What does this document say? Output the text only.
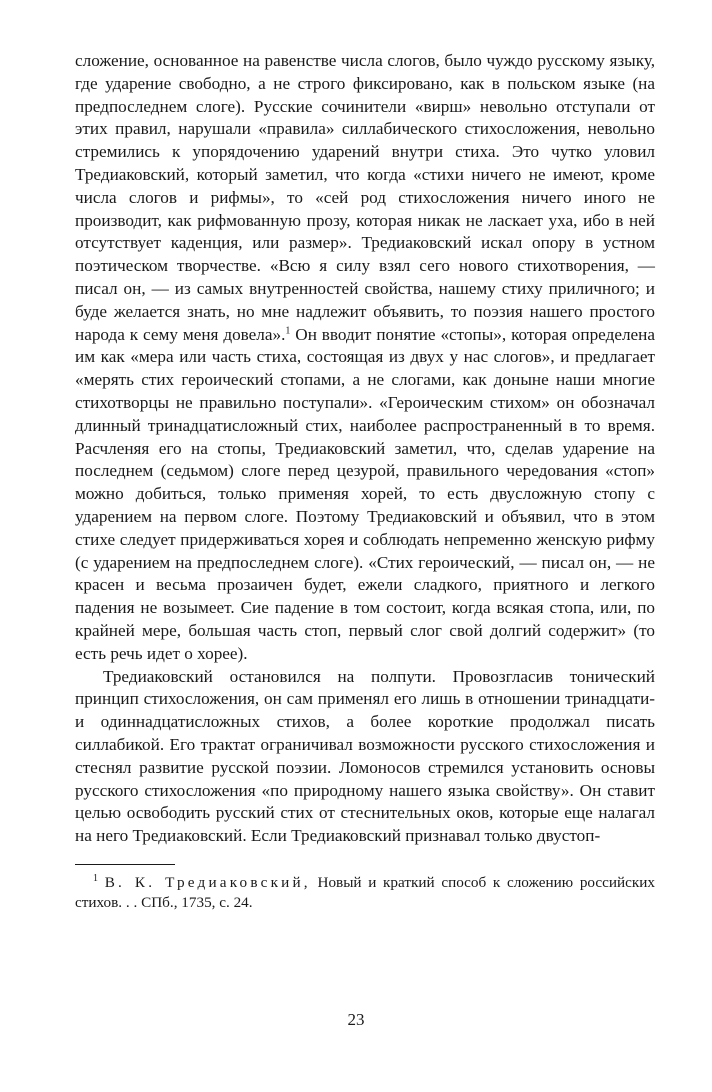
сложение, основанное на равенстве числа слогов, было чуждо русскому языку, где ударение свободно, а не строго фиксировано, как в польском языке (на предпоследнем слоге). Русские сочинители «вирш» невольно отступали от этих правил, нарушали «правила» силлабического стихосложения, невольно стремились к упорядочению ударений внутри стиха. Это чутко уловил Тредиаковский, который заметил, что когда «стихи ничего не имеют, кроме числа слогов и рифмы», то «сей род стихосложения ничего иного не производит, как рифмованную прозу, которая никак не ласкает уха, ибо в ней отсутствует каденция, или размер». Тредиаковский искал опору в устном поэтическом творчестве. «Всю я силу взял сего нового стихотворения, — писал он, — из самых внутренностей свойства, нашему стиху приличного; и буде желается знать, но мне надлежит объявить, то поэзия нашего простого народа к сему меня довела».$^1$ Он вводит понятие «стопы», которая определена им как «мера или часть стиха, состоящая из двух у нас слогов», и предлагает «мерять стих героический стопами, а не слогами, как доныне наши многие стихотворцы не правильно поступали». «Героическим стихом» он обозначал длинный тринадцатисложный стих, наиболее распространенный в то время. Расчленяя его на стопы, Тредиаковский заметил, что, сделав ударение на последнем (седьмом) слоге перед цезурой, правильного чередования «стоп» можно добиться, только применяя хорей, то есть двусложную стопу с ударением на первом слоге. Поэтому Тредиаковский и объявил, что в этом стихе следует придерживаться хорея и соблюдать непременно женскую рифму (с ударением на предпоследнем слоге). «Стих героический, — писал он, — не красен и весьма прозаичен будет, ежели сладкого, приятного и легкого падения не возымеет. Сие падение в том состоит, когда всякая стопа, или, по крайней мере, большая часть стоп, первый слог свой долгий содержит» (то есть речь идет о хорее).

Тредиаковский остановился на полпути. Провозгласив тонический принцип стихосложения, он сам применял его лишь в отношении тринадцати- и одиннадцатисложных стихов, а более короткие продолжал писать силлабикой. Его трактат ограничивал возможности русского стихосложения и стеснял развитие русской поэзии. Ломоносов стремился установить основы русского стихосложения «по природному нашего языка свойству». Он ставит целью освободить русский стих от стеснительных оков, которые еще налагал на него Тредиаковский. Если Тредиаковский признавал только двустоп-

$^1$ В. К. Тредиаковский, Новый и краткий способ к сложению российских стихов. . . СПб., 1735, с. 24.

23
